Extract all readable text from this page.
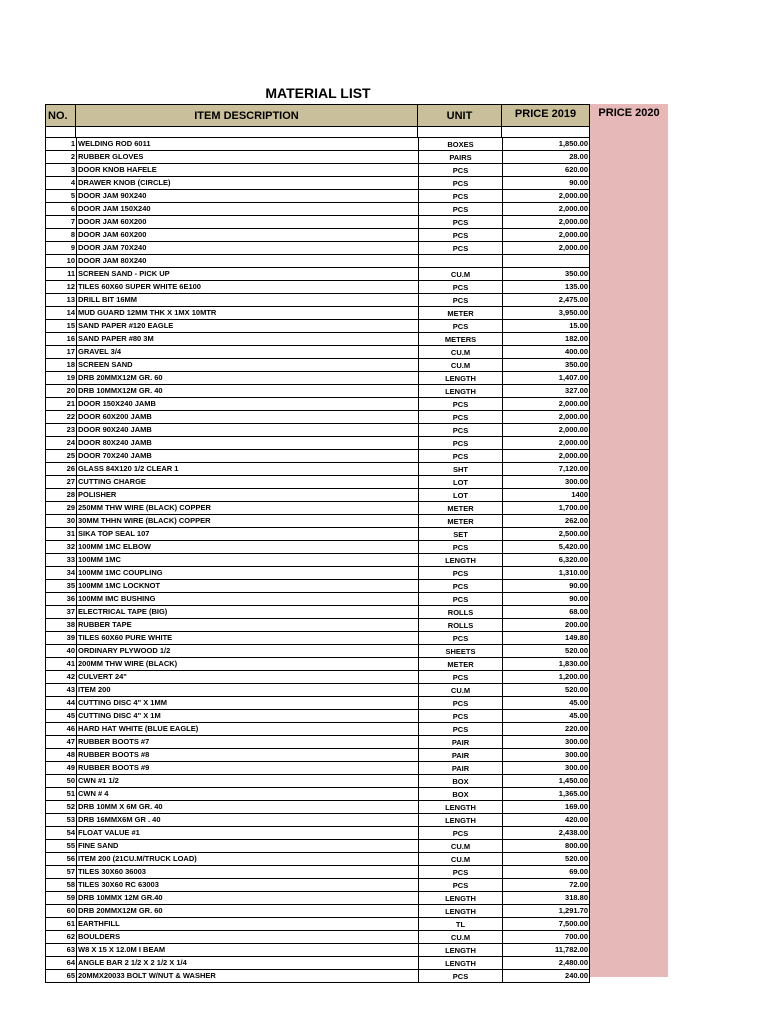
MATERIAL LIST
NO.	ITEM DESCRIPTION	UNIT	PRICE 2019	PRICE 2020
1 WELDING ROD 6011	BOXES	1,850.00
2 RUBBER GLOVES	PAIRS	28.00
3 DOOR KNOB HAFELE	PCS	620.00
4 DRAWER KNOB (CIRCLE)	PCS	90.00
5 DOOR JAM 90X240	PCS	2,000.00
6 DOOR JAM 150X240	PCS	2,000.00
7 DOOR JAM 60X200	PCS	2,000.00
8 DOOR JAM 60X200	PCS	2,000.00
9 DOOR JAM 70X240	PCS	2,000.00
10 DOOR JAM 80X240
11 SCREEN SAND - PICK UP	CU.M	350.00
12 TILES 60X60 SUPER WHITE 6E100	PCS	135.00
13 DRILL BIT 16MM	PCS	2,475.00
14 MUD GUARD 12MM THK X 1MX 10MTR	METER	3,950.00
15 SAND PAPER #120 EAGLE	PCS	15.00
16 SAND PAPER #80 3M	METERS	182.00
17 GRAVEL 3/4	CU.M	400.00
18 SCREEN SAND	CU.M	350.00
19 DRB 20MMX12M GR. 60	LENGTH	1,407.00
20 DRB 10MMX12M GR. 40	LENGTH	327.00
21 DOOR 150X240 JAMB	PCS	2,000.00
22 DOOR 60X200 JAMB	PCS	2,000.00
23 DOOR 90X240 JAMB	PCS	2,000.00
24 DOOR 80X240 JAMB	PCS	2,000.00
25 DOOR 70X240 JAMB	PCS	2,000.00
26 GLASS 84X120 1/2 CLEAR 1	SHT	7,120.00
27 CUTTING CHARGE	LOT	300.00
28 POLISHER	LOT	1400
29 250MM THW WIRE (BLACK) COPPER	METER	1,700.00
30 30MM THHN WIRE (BLACK) COPPER	METER	262.00
31 SIKA TOP SEAL 107	SET	2,500.00
32 100MM 1MC ELBOW	PCS	5,420.00
33 100MM 1MC	LENGTH	6,320.00
34 100MM 1MC COUPLING	PCS	1,310.00
35 100MM 1MC LOCKNOT	PCS	90.00
36 100MM IMC BUSHING	PCS	90.00
37 ELECTRICAL TAPE (BIG)	ROLLS	68.00
38 RUBBER TAPE	ROLLS	200.00
39 TILES 60X60 PURE WHITE	PCS	149.80
40 ORDINARY PLYWOOD 1/2	SHEETS	520.00
41 200MM THW WIRE (BLACK)	METER	1,830.00
42 CULVERT 24"	PCS	1,200.00
43 ITEM 200	CU.M	520.00
44 CUTTING DISC 4" X 1MM	PCS	45.00
45 CUTTING DISC 4" X 1M	PCS	45.00
46 HARD HAT WHITE (BLUE EAGLE)	PCS	220.00
47 RUBBER BOOTS #7	PAIR	300.00
48 RUBBER BOOTS #8	PAIR	300.00
49 RUBBER BOOTS #9	PAIR	300.00
50 CWN #1 1/2	BOX	1,450.00
51 CWN # 4	BOX	1,365.00
52 DRB 10MM X 6M GR. 40	LENGTH	169.00
53 DRB 16MMX6M GR . 40	LENGTH	420.00
54 FLOAT VALUE #1	PCS	2,438.00
55 FINE SAND	CU.M	800.00
56 ITEM 200 (21CU.M/TRUCK LOAD)	CU.M	520.00
57 TILES 30X60 36003	PCS	69.00
58 TILES 30X60 RC 63003	PCS	72.00
59 DRB 10MMX 12M GR.40	LENGTH	318.80
60 DRB 20MMX12M GR. 60	LENGTH	1,291.70
61 EARTHFILL	TL	7,500.00
62 BOULDERS	CU.M	700.00
63 W8 X 15 X 12.0M I BEAM	LENGTH	11,782.00
64 ANGLE BAR 2 1/2 X 2 1/2 X 1/4	LENGTH	2,480.00
65 20MMX20033 BOLT W/NUT & WASHER	PCS	240.00
